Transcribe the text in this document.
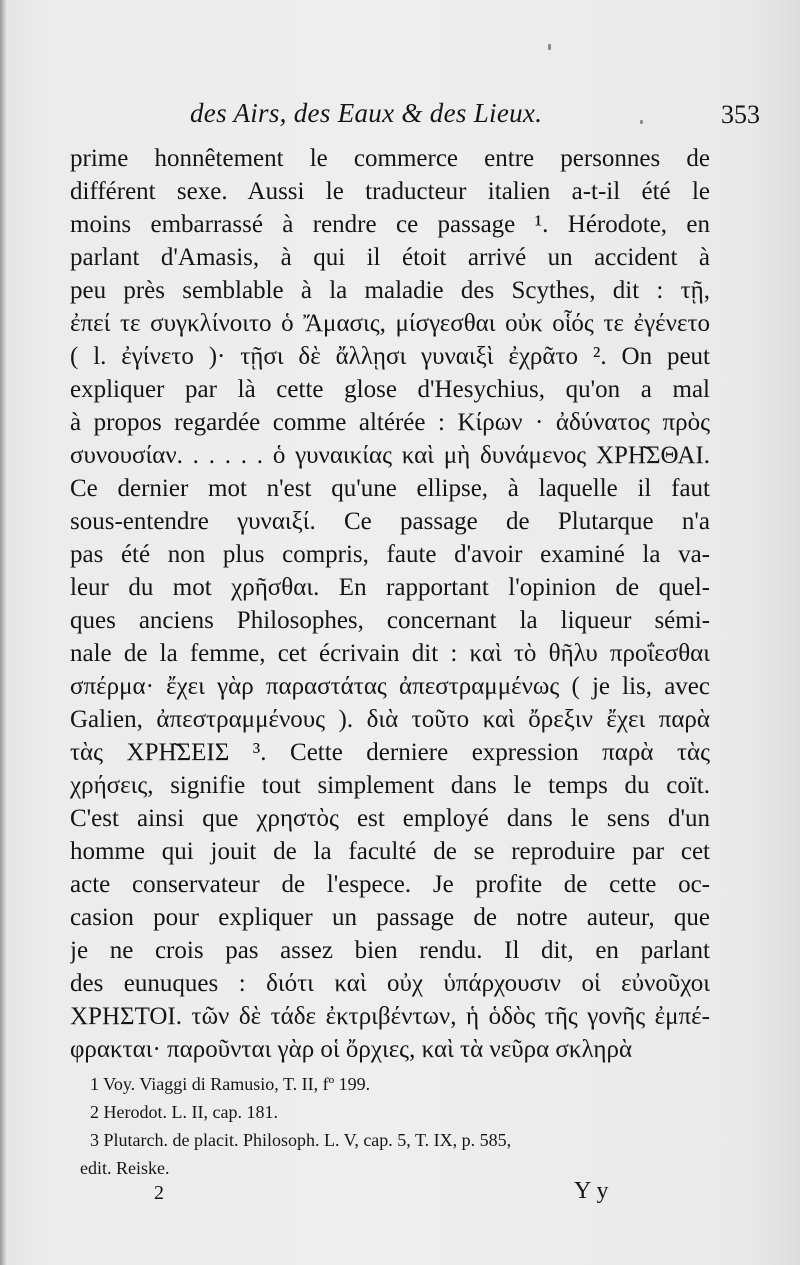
des Airs, des Eaux & des Lieux.	353
prime honnêtement le commerce entre personnes de
différent sexe. Aussi le traducteur italien a-t-il été le
moins embarrassé à rendre ce passage ¹. Hérodote, en
parlant d'Amasis, à qui il étoit arrivé un accident à
peu près semblable à la maladie des Scythes, dit : τῇ,
ἐπεί τε συγκλίνοιτο ὁ Ἄμασις, μίσγεσθαι οὐκ οἷός τε ἐγένετο
( l. ἐγίνετο )· τῇσι δὲ ἄλλῃσι γυναιξὶ ἐχρᾶτο ². On peut
expliquer par là cette glose d'Hesychius, qu'on a mal
à propos regardée comme altérée : Κίρων · ἀδύνατος πρὸς
συνουσίαν. . . . . . ὁ γυναικίας καὶ μὴ δυνάμενος ΧΡΗ͂ΣΘΑΙ.
Ce dernier mot n'est qu'une ellipse, à laquelle il faut
sous-entendre γυναιξί. Ce passage de Plutarque n'a
pas été non plus compris, faute d'avoir examiné la va-
leur du mot χρῆσθαι. En rapportant l'opinion de quel-
ques anciens Philosophes, concernant la liqueur sémi-
nale de la femme, cet écrivain dit : καὶ τὸ θῆλυ προΐεσθαι
σπέρμα· ἔχει γὰρ παραστάτας ἀπεστραμμένως ( je lis, avec
Galien, ἀπεστραμμένους ). διὰ τοῦτο καὶ ὄρεξιν ἔχει παρὰ
τὰς ΧΡΗ͂ΣΕΙΣ ³. Cette derniere expression παρὰ τὰς
χρήσεις, signifie tout simplement dans le temps du coït.
C'est ainsi que χρηστὸς est employé dans le sens d'un
homme qui jouit de la faculté de se reproduire par cet
acte conservateur de l'espece. Je profite de cette oc-
casion pour expliquer un passage de notre auteur, que
je ne crois pas assez bien rendu. Il dit, en parlant
des eunuques : διότι καὶ οὐχ ὑπάρχουσιν οἱ εὐνοῦχοι
ΧΡΗΣΤΟΙ. τῶν δὲ τάδε ἐκτριβέντων, ἡ ὁδὸς τῆς γονῆς ἐμπέ-
φρακται· παροῦνται γὰρ οἱ ὄρχιες, καὶ τὰ νεῦρα σκληρὰ
1 Voy. Viaggi di Ramusio, T. II, fº 199.
2 Herodot. L. II, cap. 181.
3 Plutarch. de placit. Philosoph. L. V, cap. 5, T. IX, p. 585,
edit. Reiske.
2	Y y
